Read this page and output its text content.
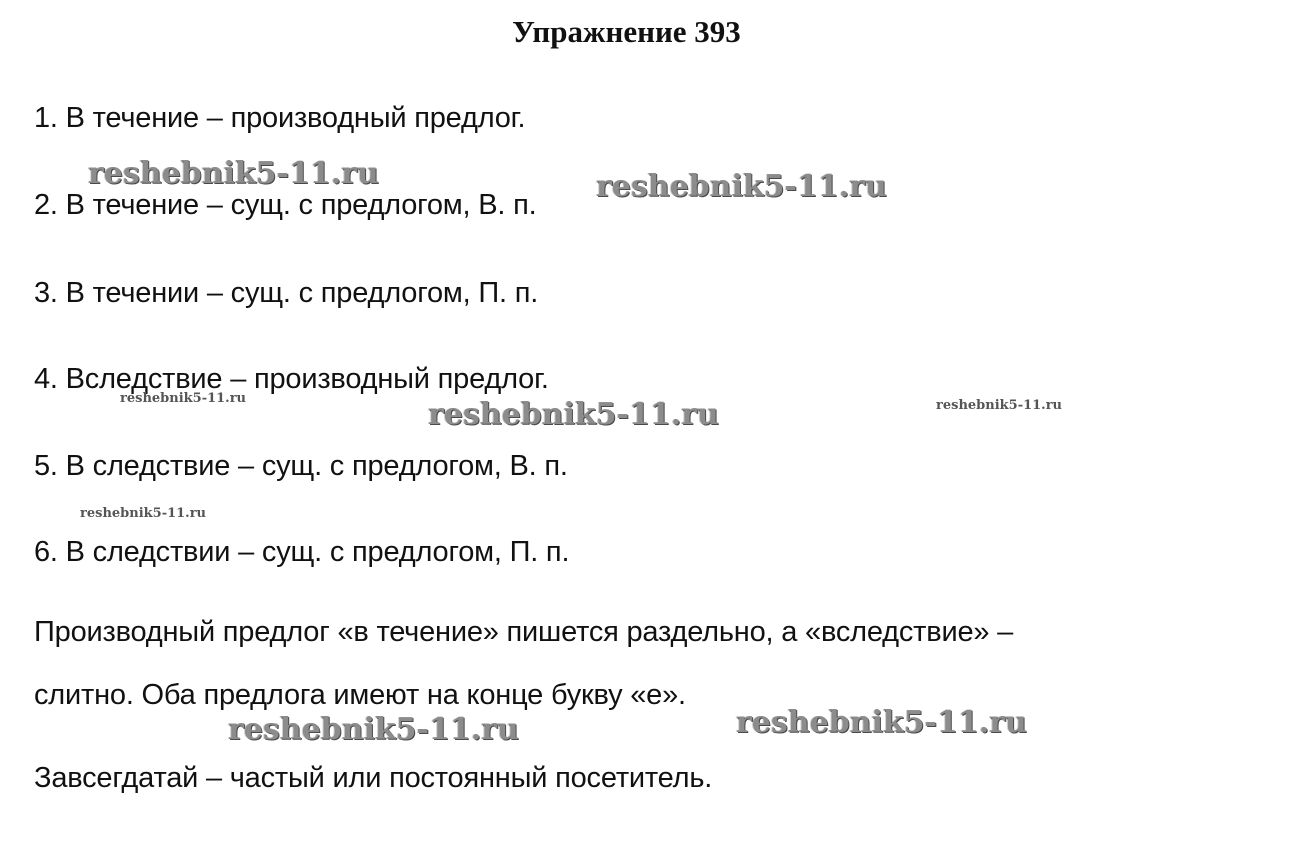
Упражнение 393
1. В течение – производный предлог.
2. В течение – сущ. с предлогом, В. п.
3. В течении – сущ. с предлогом, П. п.
4. Вследствие – производный предлог.
5. В следствие – сущ. с предлогом, В. п.
6. В следствии – сущ. с предлогом, П. п.
Производный предлог «в течение» пишется раздельно, а «вследствие» –
слитно. Оба предлога имеют на конце букву «е».
Завсегдатай – частый или постоянный посетитель.
reshebnik5-11.ru	reshebnik5-11.ru
reshebnik5-11.ru	reshebnik5-11.ru	reshebnik5-11.ru
reshebnik5-11.ru
reshebnik5-11.ru	reshebnik5-11.ru
